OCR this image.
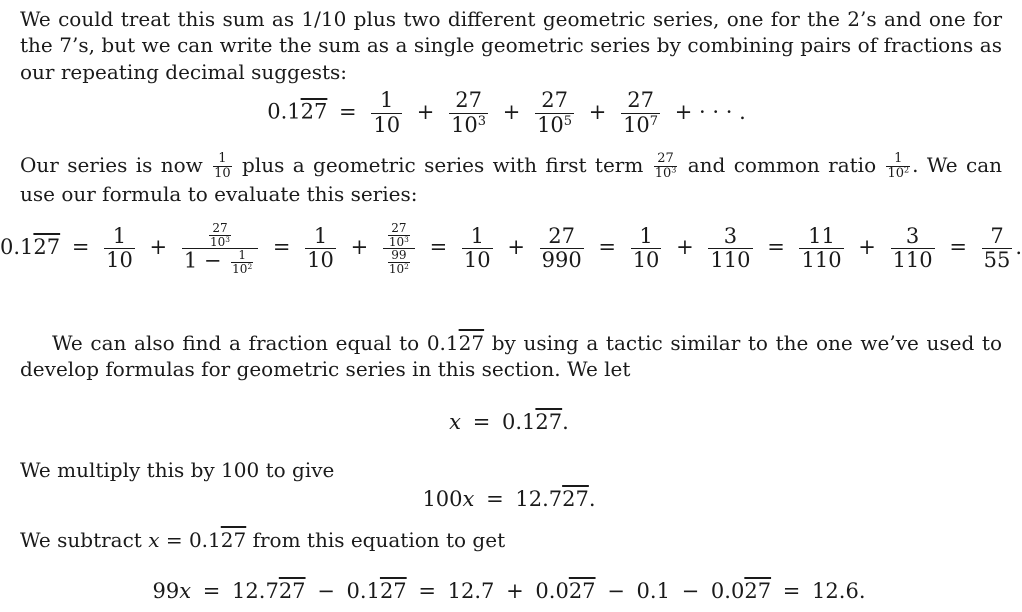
We could treat this sum as 1/10 plus two different geometric series, one for the 2’s and one for the 7’s, but we can write the sum as a single geometric series by combining pairs of fractions as our repeating decimal suggests:

$0.127 = \frac{1}{10} + \frac{27}{10^3} + \frac{27}{10^5} + \frac{27}{10^7}$ + · · · .

Our series is now $\frac{1}{10}$ plus a geometric series with first term $\frac{27}{10^3}$ and common ratio $\frac{1}{10^2}$ . We can use our formula to evaluate this series:

$0.127 = \frac{1}{10} + \frac{\frac{27}{10^3}}{1 - \frac{1}{10^2}} = \frac{1}{10} + \frac{\frac{27}{10^3}}{\frac{99}{10^2}} = \frac{1}{10} + \frac{27}{990} = \frac{1}{10} + \frac{3}{110} = \frac{11}{110} + \frac{3}{110} = \frac{7}{55}$ .

We can also find a fraction equal to 0.127 by using a tactic similar to the one we’ve used to develop formulas for geometric series in this section. We let

x = 0.127.

We multiply this by 100 to give

100x = 12.727.

We subtract x = 0.127 from this equation to get

99x = 12.727 − 0.127 = 12.7 + 0.027 − 0.1 − 0.027 = 12.6.
